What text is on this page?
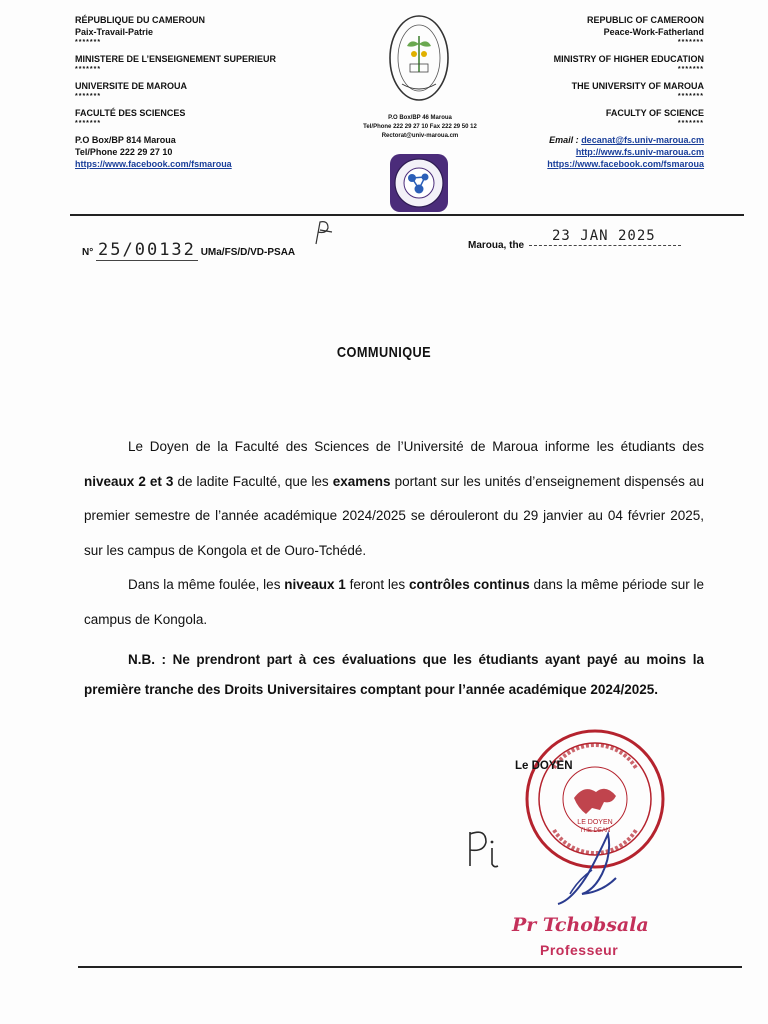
RÉPUBLIQUE DU CAMEROUN
Paix-Travail-Patrie
*******
MINISTERE DE L’ENSEIGNEMENT SUPERIEUR
*******
UNIVERSITE DE MAROUA
*******
FACULTÉ DES SCIENCES
*******
P.O Box/BP 814 Maroua
Tel/Phone 222 29 27 10
https://www.facebook.com/fsmaroua
P.O Box/BP 46 Maroua
Tel/Phone 222 29 27 10 Fax 222 29 50 12
Rectorat@univ-maroua.cm
REPUBLIC OF CAMEROON
Peace-Work-Fatherland
*******
MINISTRY OF HIGHER EDUCATION
*******
THE UNIVERSITY OF MAROUA
*******
FACULTY OF SCIENCE
*******
Email : decanat@fs.univ-maroua.cm
http://www.fs.univ-maroua.cm
https://www.facebook.com/fsmaroua
N° 25/00132 UMa/FS/D/VD-PSAA
Maroua, the
23 JAN 2025
COMMUNIQUE

Le Doyen de la Faculté des Sciences de l’Université de Maroua informe les étudiants des niveaux 2 et 3 de ladite Faculté, que les examens portant sur les unités d’enseignement dispensés au premier semestre de l’année académique 2024/2025 se dérouleront du 29 janvier au 04 février 2025, sur les campus de Kongola et de Ouro-Tchédé.

Dans la même foulée, les niveaux 1 feront les contrôles continus dans la même période sur le campus de Kongola.

N.B. : Ne prendront part à ces évaluations que les étudiants ayant payé au moins la première tranche des Droits Universitaires comptant pour l’année académique 2024/2025.

LE DOYEN
THE DEAN
Le DOYEN
Pr Tchobsala
Professeur
